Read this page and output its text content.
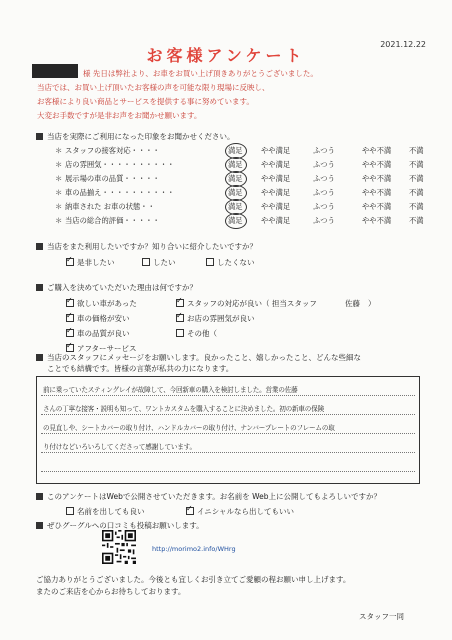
2021.12.22
お客様アンケート
様 先日は弊社より、お車をお買い上げ頂きありがとうございました。
当店では、お買い上げ頂いたお客様の声を可能な限り現場に反映し、
お客様により良い商品とサービスを提供する事に努めています。
大変お手数ですが是非お声をお聞かせ願います。
当店を実際にご利用になった印象をお聞かせください。
＊ スタッフの接客対応・・・・	満足	やや満足	ふつう	やや不満 不満
＊ 店の雰囲気・・・・・・・・・・	満足	やや満足	ふつう	やや不満 不満
＊ 展示場の車の品質・・・・・	満足	やや満足	ふつう	やや不満 不満
＊ 車の品揃え・・・・・・・・・・	満足	やや満足	ふつう	やや不満 不満
＊ 納車された お車の状態・・	満足	やや満足	ふつう	やや不満 不満
＊ 当店の総合的評価・・・・・	満足	やや満足	ふつう	やや不満 不満
当店をまた利用したいですか？知り合いに紹介したいですか？
✓是非したい	したい	したくない
ご購入を決めていただいた理由は何ですか？
✓欲しい車があった ✓	スタッフの対応が良い（ 担当スタッフ	佐藤 ）
✓車の価格が安い ✓	お店の雰囲気が良い
✓車の品質が良い	その他（
✓アフターサービス
当店のスタッフにメッセージをお願いします。良かったこと、嬉しかったこと、どんな些細な
ことでも結構です。皆様の言葉が私共の力になります。
前に乗っていたスティングレイが故障して、今回新車の購入を検討しました。営業の佐藤
さんの丁寧な接客・説明も知って、ワントカスタムを購入することに決めました。初の新車の保険
の見直しや、シートカバーの取り付け、ハンドルカバーの取り付け、ナンバープレートのフレームの取
り付けなどいろいろしてくださって感謝しています。
このアンケートはWebで公開させていただきます。お名前を Web上に公開してもよろしいですか？
名前を出しても良い ✓	イニシャルなら出してもいい
ぜひグーグルへの口コミも投稿お願いします。
http://morimo2.info/WHrg
ご協力ありがとうございました。今後とも宜しくお引き立てご愛顧の程お願い申し上げます。
またのご来店を心からお待ちしております。
スタッフ一同
